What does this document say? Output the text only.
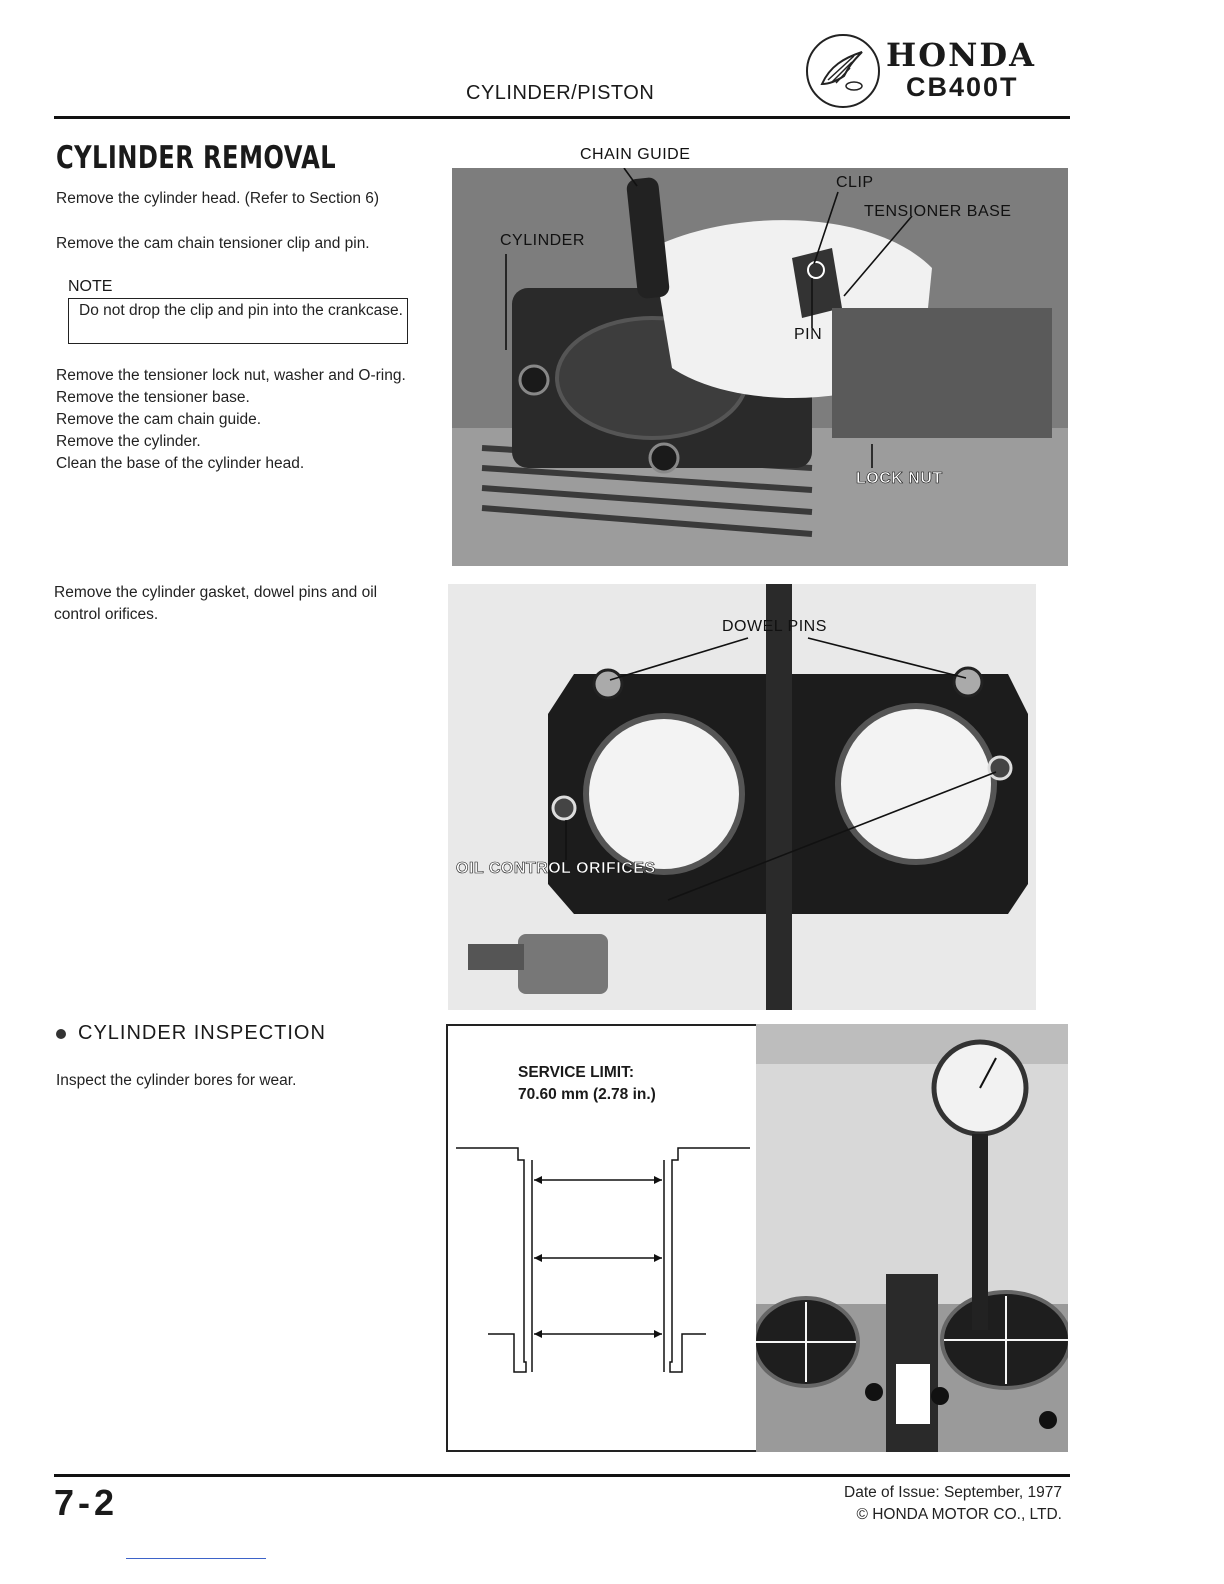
CYLINDER/PISTON
HONDA
CB400T
CYLINDER REMOVAL
Remove the cylinder head. (Refer to Section 6)
Remove the cam chain tensioner clip and pin.
NOTE
Do not drop the clip and pin into the crankcase.
Remove the tensioner lock nut, washer and O-ring.
Remove the tensioner base.
Remove the cam chain guide.
Remove the cylinder.
Clean the base of the cylinder head.
Remove the cylinder gasket, dowel pins and oil control orifices.
CHAIN GUIDE
CLIP
TENSIONER BASE
CYLINDER
PIN
LOCK NUT
DOWEL PINS
OIL CONTROL ORIFICES
CYLINDER INSPECTION
Inspect the cylinder bores for wear.	SERVICE LIMIT:
70.60 mm (2.78 in.)
7-2	Date of Issue: September, 1977
© HONDA MOTOR CO., LTD.
